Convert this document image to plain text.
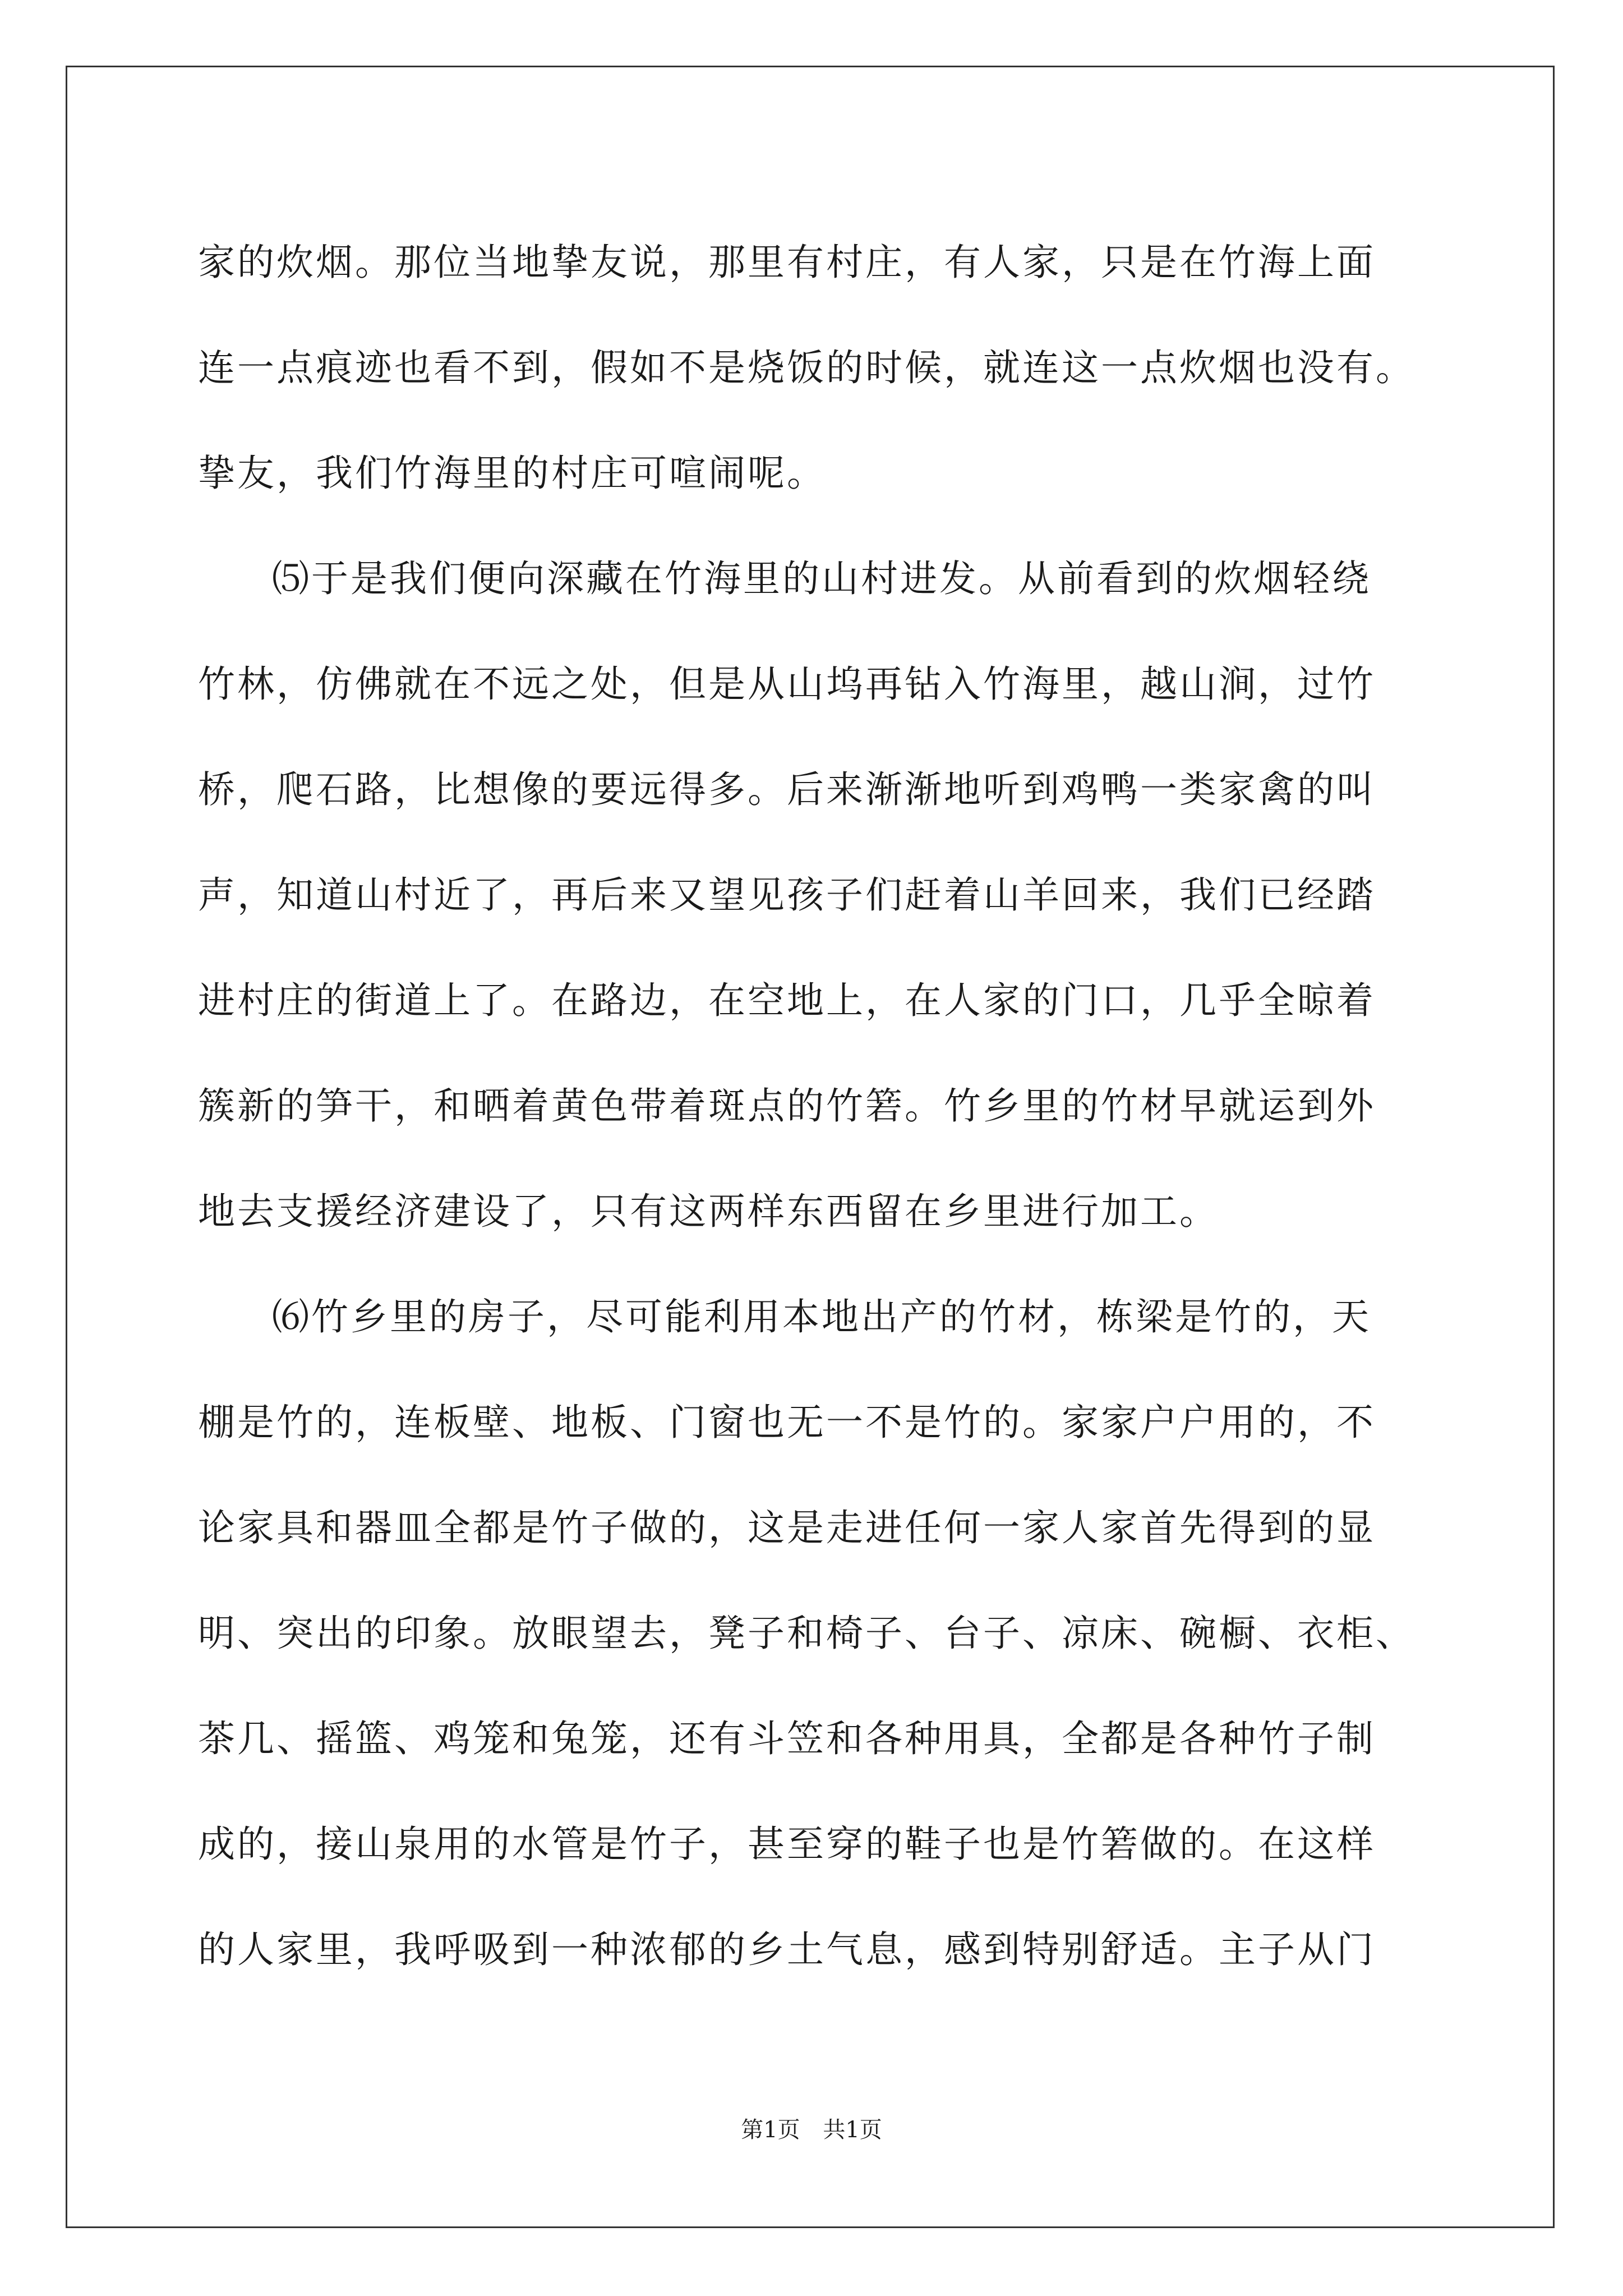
家的炊烟。那位当地挚友说，那里有村庄，有人家，只是在竹海上面
连一点痕迹也看不到，假如不是烧饭的时候，就连这一点炊烟也没有。
挚友，我们竹海里的村庄可喧闹呢。
⑸于是我们便向深藏在竹海里的山村进发。从前看到的炊烟轻绕
竹林，仿佛就在不远之处，但是从山坞再钻入竹海里，越山涧，过竹
桥，爬石路，比想像的要远得多。后来渐渐地听到鸡鸭一类家禽的叫
声，知道山村近了，再后来又望见孩子们赶着山羊回来，我们已经踏
进村庄的街道上了。在路边，在空地上，在人家的门口，几乎全晾着
簇新的笋干，和晒着黄色带着斑点的竹箬。竹乡里的竹材早就运到外
地去支援经济建设了，只有这两样东西留在乡里进行加工。
⑹竹乡里的房子，尽可能利用本地出产的竹材，栋梁是竹的，天
棚是竹的，连板壁、地板、门窗也无一不是竹的。家家户户用的，不
论家具和器皿全都是竹子做的，这是走进任何一家人家首先得到的显
明、突出的印象。放眼望去，凳子和椅子、台子、凉床、碗橱、衣柜、
茶几、摇篮、鸡笼和兔笼，还有斗笠和各种用具，全都是各种竹子制
成的，接山泉用的水管是竹子，甚至穿的鞋子也是竹箬做的。在这样
的人家里，我呼吸到一种浓郁的乡土气息，感到特别舒适。主子从门
第1页 共1页
